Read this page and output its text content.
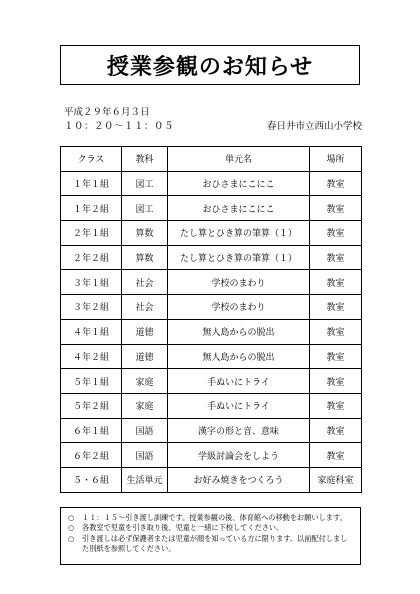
授業参観のお知らせ
平成２９年６月３日
１０：２０～１１：０５	春日井市立西山小学校
クラス	教科	単元名	場所
１年１組	図工	おひさまにこにこ	教室
１年２組	図工	おひさまにこにこ	教室
２年１組	算数	たし算とひき算の筆算（１）	教室
２年２組	算数	たし算とひき算の筆算（１）	教室
３年１組	社会	学校のまわり	教室
３年２組	社会	学校のまわり	教室
４年１組	道徳	無人島からの脱出	教室
４年２組	道徳	無人島からの脱出	教室
５年１組	家庭	手ぬいにトライ	教室
５年２組	家庭	手ぬいにトライ	教室
６年１組	国語	漢字の形と音、意味	教室
６年２組	国語	学級討論会をしよう	教室
５・６組	生活単元	お好み焼きをつくろう	家庭科室
○	１１：１５～引き渡し訓練です。授業参観の後、体育館への移動をお願いします。
○	各教室で児童を引き取り後、児童と一緒に下校してください。
○	引き渡しは必ず保護者または児童が顔を知っている方に限ります。以前配付しました別紙を参照してください。
